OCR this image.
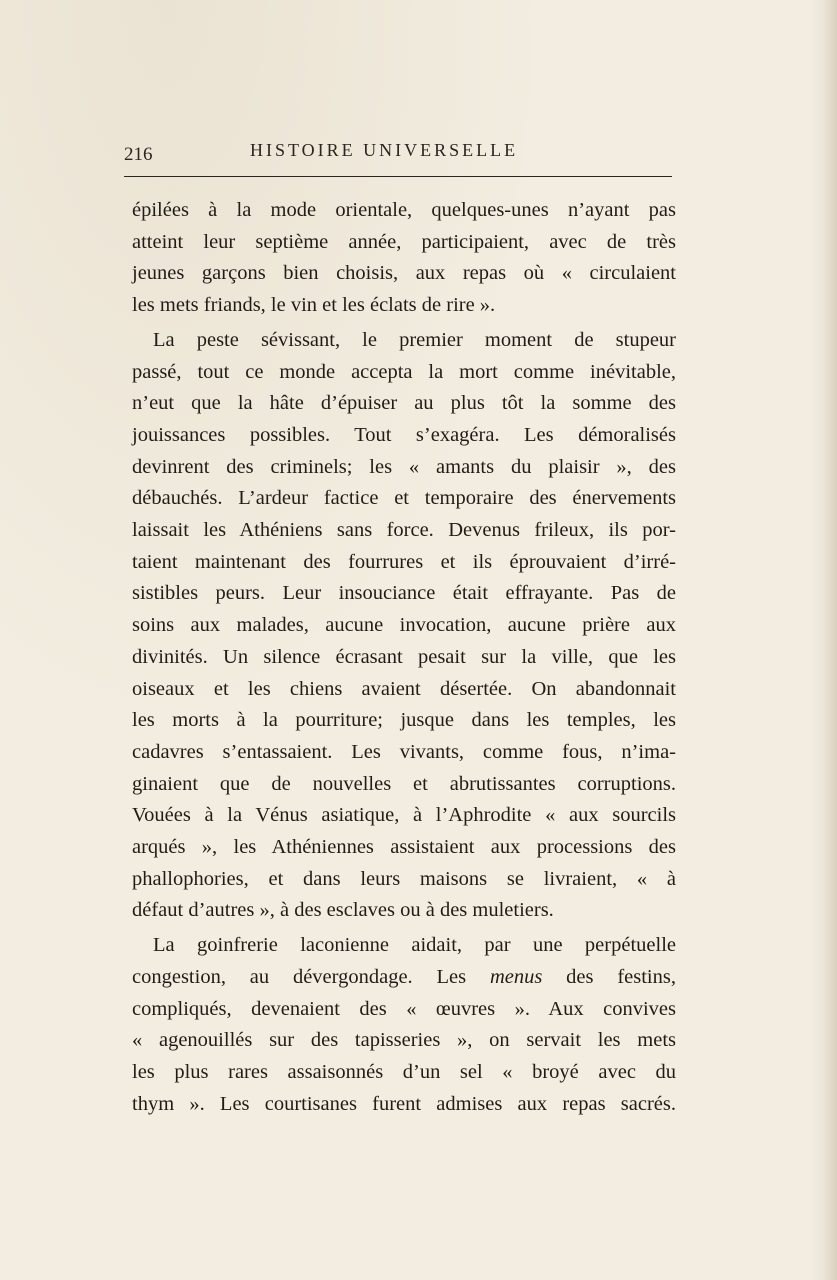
216	HISTOIRE UNIVERSELLE
épilées à la mode orientale, quelques-unes n’ayant pas
atteint leur septième année, participaient, avec de très
jeunes garçons bien choisis, aux repas où « circulaient
les mets friands, le vin et les éclats de rire ».
La peste sévissant, le premier moment de stupeur
passé, tout ce monde accepta la mort comme inévitable,
n’eut que la hâte d’épuiser au plus tôt la somme des
jouissances possibles. Tout s’exagéra. Les démoralisés
devinrent des criminels; les « amants du plaisir », des
débauchés. L’ardeur factice et temporaire des énervements
laissait les Athéniens sans force. Devenus frileux, ils por-
taient maintenant des fourrures et ils éprouvaient d’irré-
sistibles peurs. Leur insouciance était effrayante. Pas de
soins aux malades, aucune invocation, aucune prière aux
divinités. Un silence écrasant pesait sur la ville, que les
oiseaux et les chiens avaient désertée. On abandonnait
les morts à la pourriture; jusque dans les temples, les
cadavres s’entassaient. Les vivants, comme fous, n’ima-
ginaient que de nouvelles et abrutissantes corruptions.
Vouées à la Vénus asiatique, à l’Aphrodite « aux sourcils
arqués », les Athéniennes assistaient aux processions des
phallophories, et dans leurs maisons se livraient, « à
défaut d’autres », à des esclaves ou à des muletiers.
La goinfrerie laconienne aidait, par une perpétuelle
congestion, au dévergondage. Les menus des festins,
compliqués, devenaient des « œuvres ». Aux convives
« agenouillés sur des tapisseries », on servait les mets
les plus rares assaisonnés d’un sel « broyé avec du
thym ». Les courtisanes furent admises aux repas sacrés.
